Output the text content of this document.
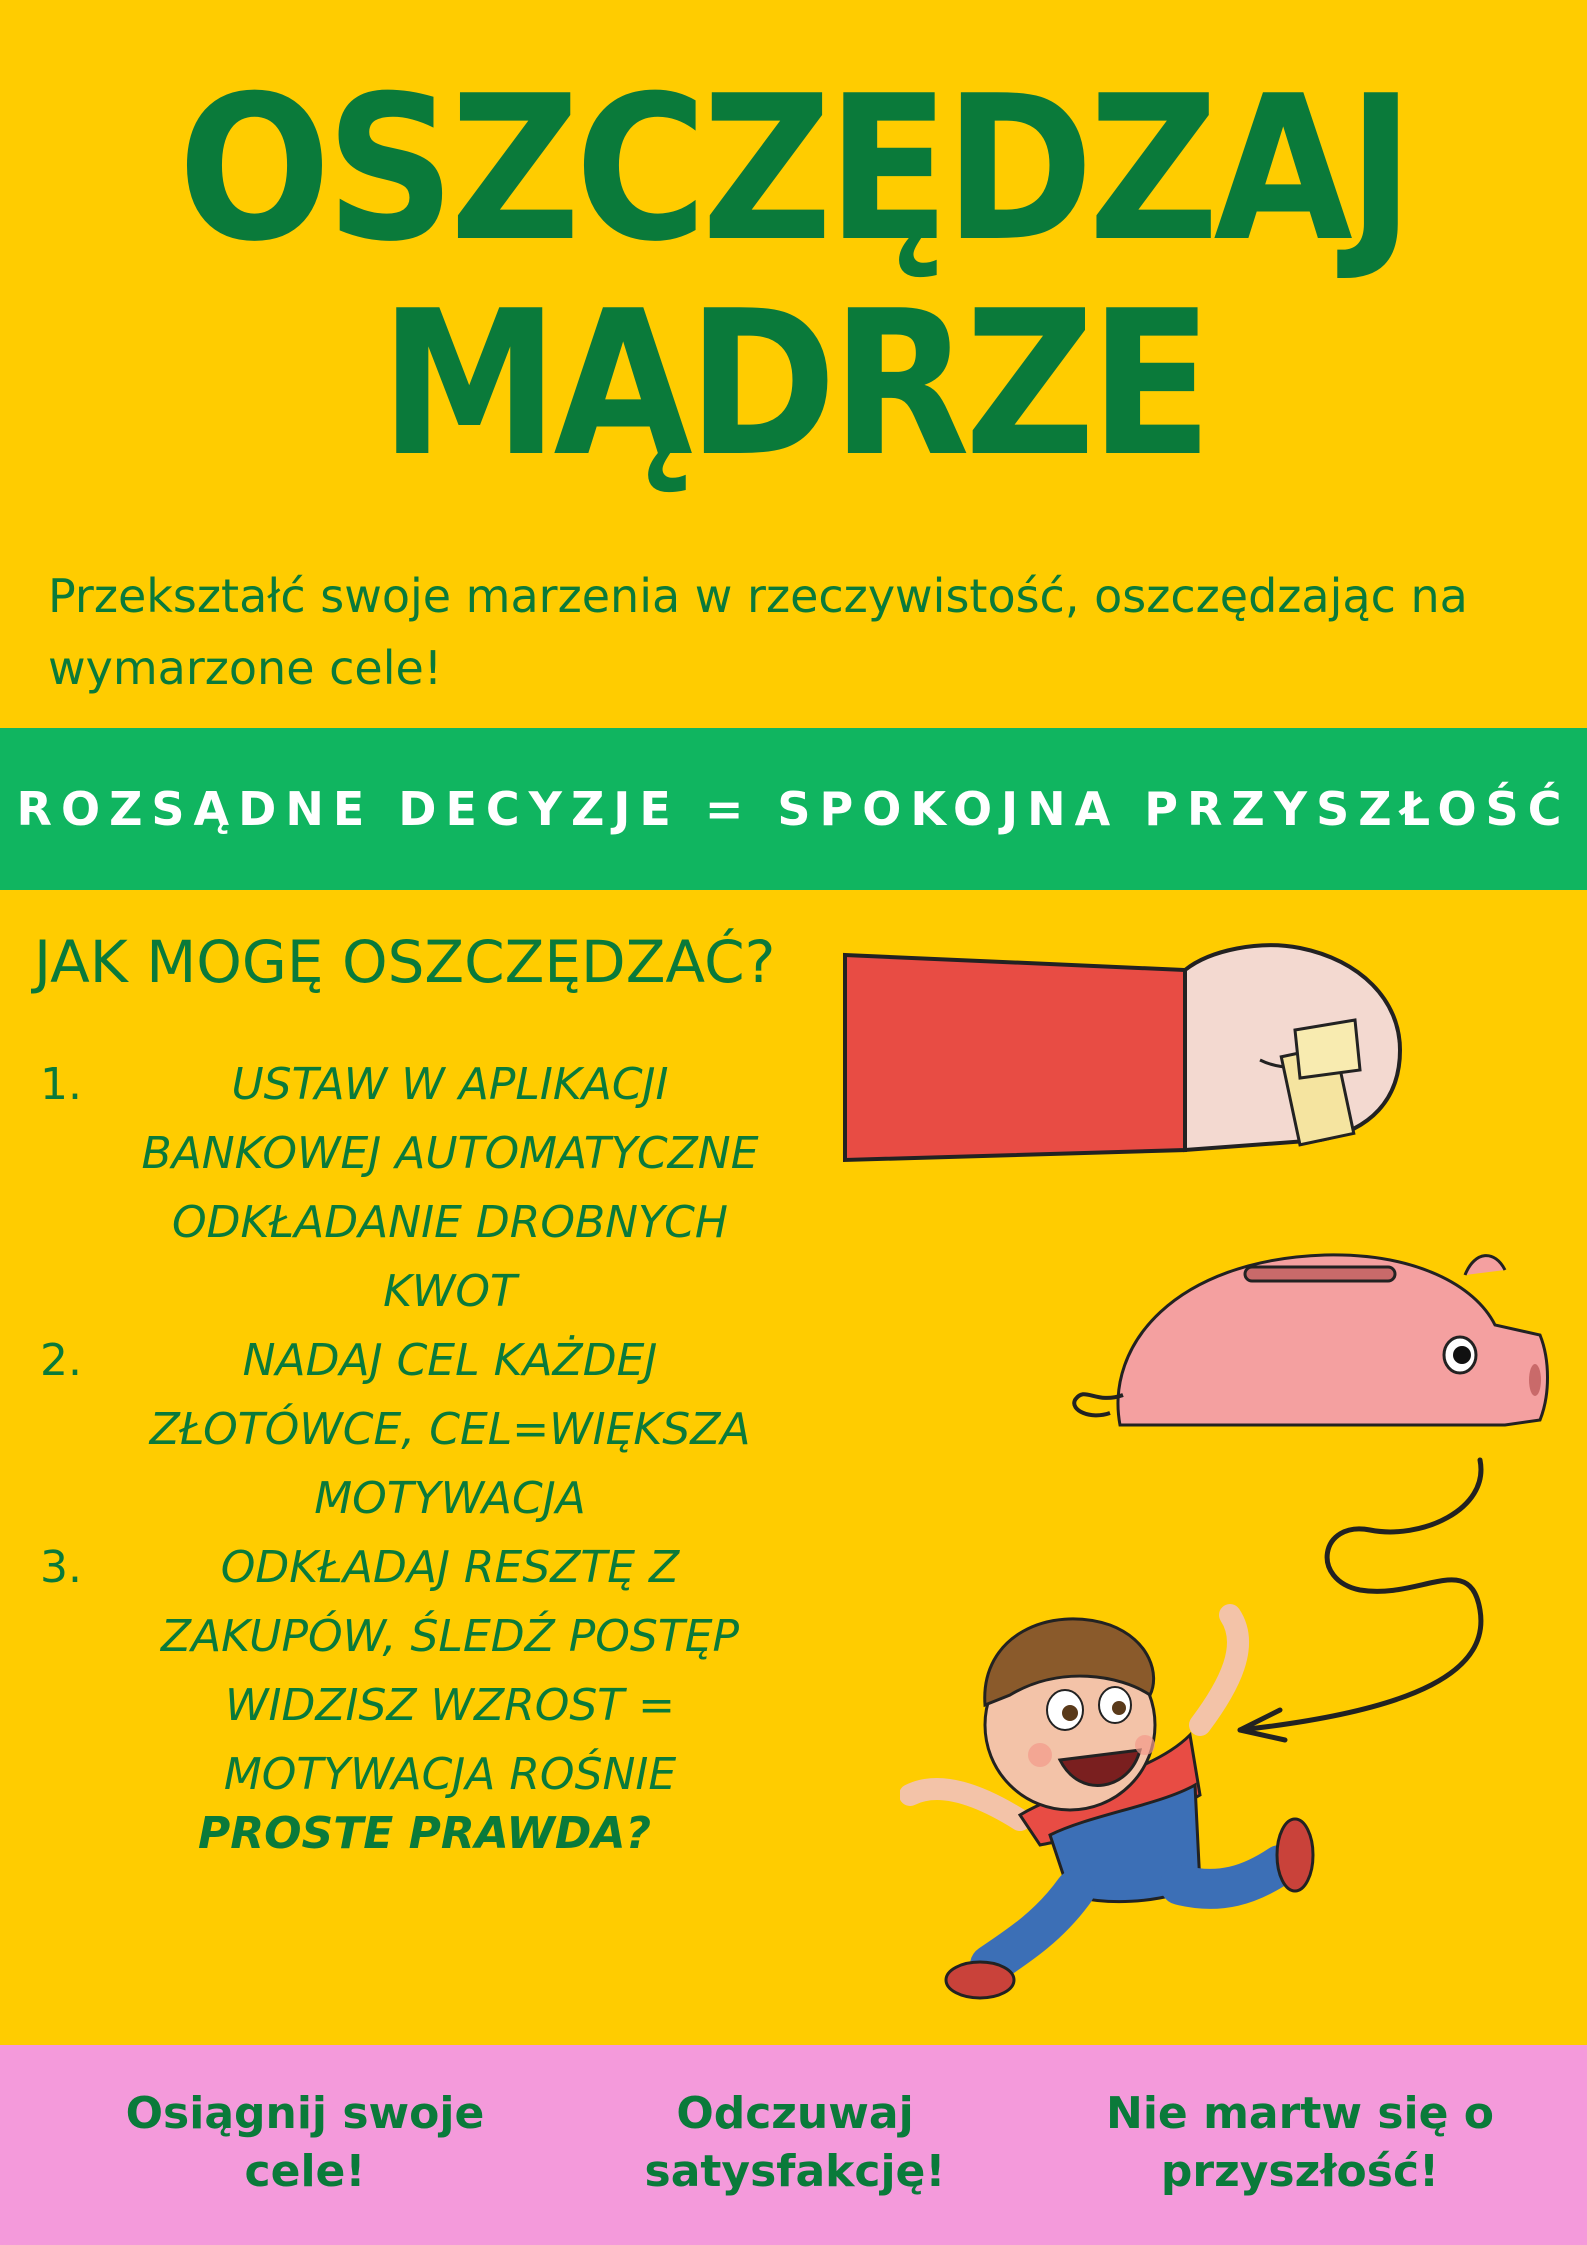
OSZCZĘDZAJ
MĄDRZE
Przekształć swoje marzenia w rzeczywistość, oszczędzając na wymarzone cele!
ROZSĄDNE DECYZJE = SPOKOJNA PRZYSZŁOŚĆ
JAK MOGĘ OSZCZĘDZAĆ?
1.	USTAW W APLIKACJI BANKOWEJ AUTOMATYCZNE ODKŁADANIE DROBNYCH KWOT
2.	NADAJ CEL KAŻDEJ ZŁOTÓWCE, CEL=WIĘKSZA MOTYWACJA
3.	ODKŁADAJ RESZTĘ Z ZAKUPÓW, ŚLEDŹ POSTĘP WIDZISZ WZROST = MOTYWACJA ROŚNIE
PROSTE PRAWDA?
Osiągnij swoje cele!
Odczuwaj satysfakcję!
Nie martw się o przyszłość!
